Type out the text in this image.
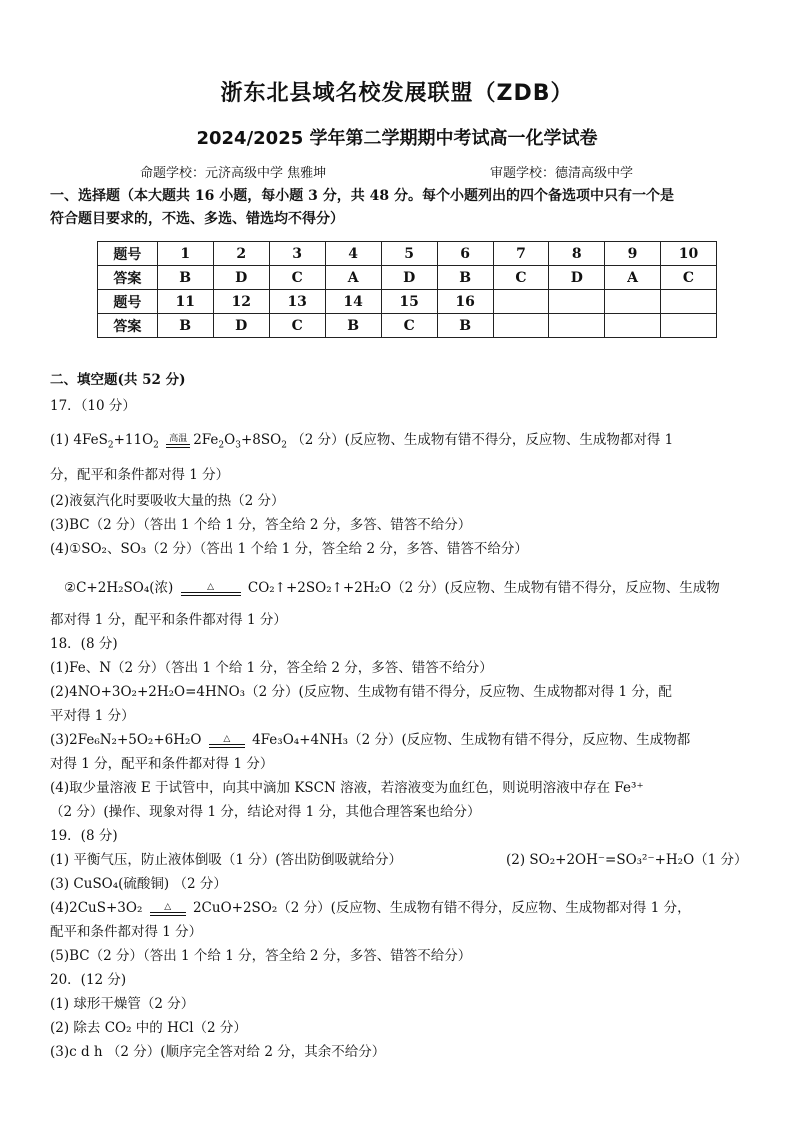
浙东北县域名校发展联盟（ZDB）
2024/2025 学年第二学期期中考试高一化学试卷
命题学校：元济高级中学 焦雅坤	审题学校：德清高级中学
一、选择题（本大题共 16 小题，每小题 3 分，共 48 分。每个小题列出的四个备选项中只有一个是
符合题目要求的，不选、多选、错选均不得分）
题号	1	2	3	4	5	6	7	8	9	10
答案	B	D	C	A	D	B	C	D	A	C
题号	11	12	13	14	15	16				
答案	B	D	C	B	C	B				
二、填空题(共 52 分)
17．（10 分）
(1) $4FeS_2+11O_2$
高温 $2Fe_2O_3+8SO_2$ （2 分）(反应物、生成物有错不得分，反应物、生成物都对得 1
分，配平和条件都对得 1 分）
(2)液氨汽化时要吸收大量的热（2 分）
(3)BC（2 分）（答出 1 个给 1 分，答全给 2 分，多答、错答不给分）
(4)①SO₂、SO₃（2 分）（答出 1 个给 1 分，答全给 2 分，多答、错答不给分）
②C+2H₂SO₄(浓)	△	CO₂↑+2SO₂↑+2H₂O（2 分）(反应物、生成物有错不得分，反应物、生成物
都对得 1 分，配平和条件都对得 1 分）
18．(8 分)
(1)Fe、N（2 分）（答出 1 个给 1 分，答全给 2 分，多答、错答不给分）
(2)4NO+3O₂+2H₂O=4HNO₃（2 分）(反应物、生成物有错不得分，反应物、生成物都对得 1 分，配
平对得 1 分）
(3)2Fe₆N₂+5O₂+6H₂O	△	4Fe₃O₄+4NH₃（2 分）(反应物、生成物有错不得分，反应物、生成物都
对得 1 分，配平和条件都对得 1 分）
(4)取少量溶液 E 于试管中，向其中滴加 KSCN 溶液，若溶液变为血红色，则说明溶液中存在 Fe³⁺
（2 分）(操作、现象对得 1 分，结论对得 1 分，其他合理答案也给分）
19．(8 分)
(1) 平衡气压，防止液体倒吸（1 分）(答出防倒吸就给分）	(2) SO₂+2OH⁻=SO₃²⁻+H₂O（1 分）
(3) CuSO₄(硫酸铜) （2 分）
(4)2CuS+3O₂	△	2CuO+2SO₂（2 分）(反应物、生成物有错不得分，反应物、生成物都对得 1 分，
配平和条件都对得 1 分）
(5)BC（2 分）（答出 1 个给 1 分，答全给 2 分，多答、错答不给分）
20．(12 分)
(1) 球形干燥管（2 分）
(2) 除去 CO₂ 中的 HCl（2 分）
(3)c d h （2 分）(顺序完全答对给 2 分，其余不给分）
